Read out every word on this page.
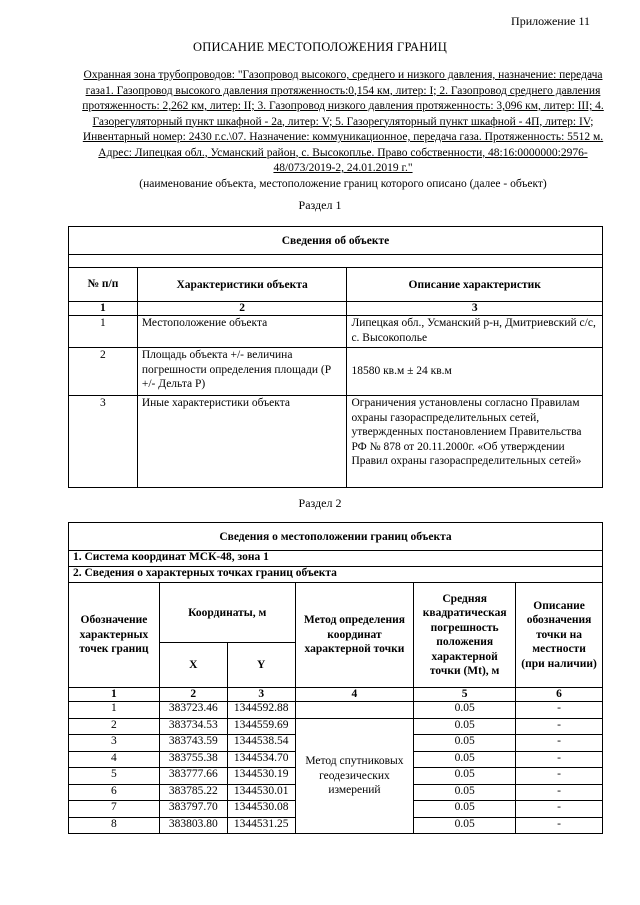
Приложение 11
ОПИСАНИЕ МЕСТОПОЛОЖЕНИЯ ГРАНИЦ
Охранная зона трубопроводов: "Газопровод высокого, среднего и низкого давления, назначение: передача газа1. Газопровод высокого давления протяженность:0,154 км, литер: I; 2. Газопровод среднего давления протяженность: 2,262 км, литер: II; 3. Газопровод низкого давления протяженность: 3,096 км, литер: III; 4. Газорегуляторный пункт шкафной - 2а, литер: V; 5. Газорегуляторный пункт шкафной - 4П, литер: IV; Инвентарный номер: 2430 г.с.\07. Назначение: коммуникационное, передача газа. Протяженность: 5512 м. Адрес: Липецкая обл., Усманский район, с. Высокоплье. Право собственности, 48:16:0000000:2976-48/073/2019-2, 24.01.2019 г."
(наименование объекта, местоположение границ которого описано (далее - объект)
Раздел 1
Сведения об объекте		

№ п/п	Характеристики объекта	Описание характеристик
1	2	3
1	Местоположение объекта	Липецкая обл., Усманский р-н, Дмитриевский с/с, с. Высокополье
2	Площадь объекта +/- величина погрешности определения площади (Р +/- Дельта Р)	18580 кв.м ± 24 кв.м
3	Иные характеристики объекта	Ограничения установлены согласно Правилам охраны газораспределительных сетей, утвержденных постановлением Правительства РФ № 878 от 20.11.2000г. «Об утверждении Правил охраны газораспределительных сетей»
Раздел 2
Сведения о местоположении границ объекта					
1. Система координат МСК-48, зона 1					
2. Сведения о характерных точках границ объекта					
Обозначение характерных точек границ	Координаты, м		Метод определения координат характерной точки	Средняя квадратическая погрешность положения характерной точки (Mt), м	Описание обозначения точки на местности (при наличии)
	X	Y			
1	2	3	4	5	6
1	383723.46	1344592.88		0.05	-
2	383734.53	1344559.69	Метод спутниковых геодезических измерений	0.05	-
3	383743.59	1344538.54		0.05	-
4	383755.38	1344534.70		0.05	-
5	383777.66	1344530.19		0.05	-
6	383785.22	1344530.01		0.05	-
7	383797.70	1344530.08		0.05	-
8	383803.80	1344531.25		0.05	-
